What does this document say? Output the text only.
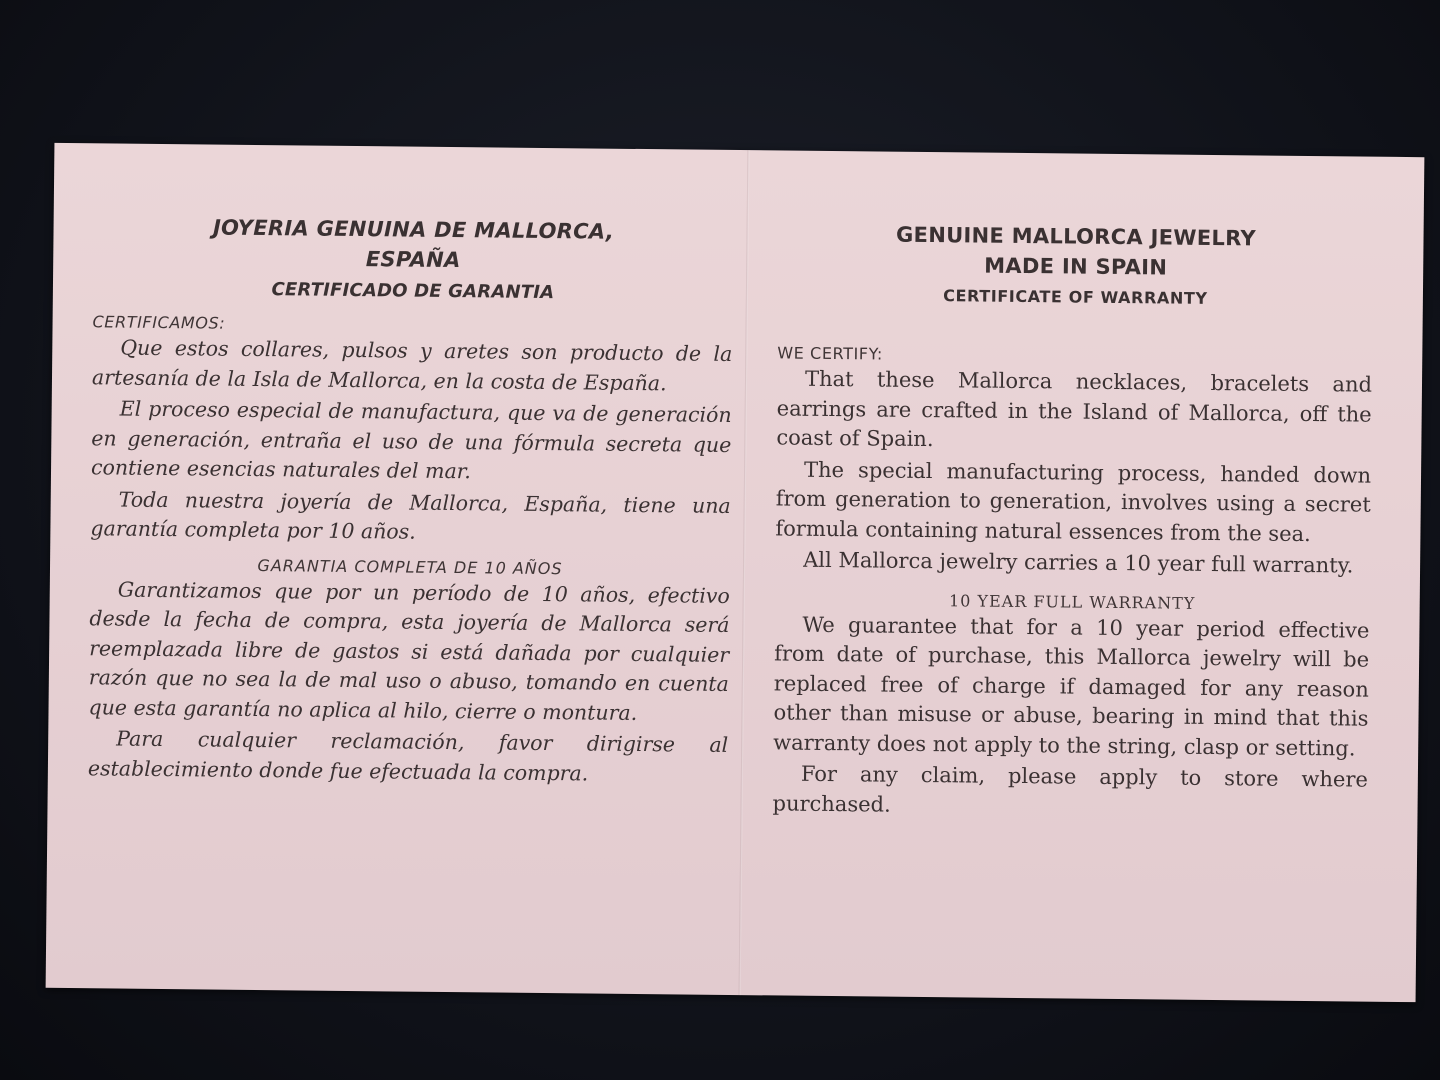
JOYERIA GENUINA DE MALLORCA,
ESPAÑA
CERTIFICADO DE GARANTIA
CERTIFICAMOS:

Que estos collares, pulsos y aretes son producto de la artesanía de la Isla de Mallorca, en la costa de España.

El proceso especial de manufactura, que va de generación en generación, entraña el uso de una fórmula secreta que contiene esencias naturales del mar.

Toda nuestra joyería de Mallorca, España, tiene una garantía completa por 10 años.

GARANTIA COMPLETA DE 10 AÑOS

Garantizamos que por un período de 10 años, efectivo desde la fecha de compra, esta joyería de Mallorca será reemplazada libre de gastos si está dañada por cualquier razón que no sea la de mal uso o abuso, tomando en cuenta que esta garantía no aplica al hilo, cierre o montura.

Para cualquier reclamación, favor dirigirse al establecimiento donde fue efectuada la compra.

GENUINE MALLORCA JEWELRY
MADE IN SPAIN
CERTIFICATE OF WARRANTY
WE CERTIFY:

That these Mallorca necklaces, bracelets and earrings are crafted in the Island of Mallorca, off the coast of Spain.

The special manufacturing process, handed down from generation to generation, involves using a secret formula containing natural essences from the sea.

All Mallorca jewelry carries a 10 year full warranty.

10 YEAR FULL WARRANTY

We guarantee that for a 10 year period effective from date of purchase, this Mallorca jewelry will be replaced free of charge if damaged for any reason other than misuse or abuse, bearing in mind that this warranty does not apply to the string, clasp or setting.

For any claim, please apply to store where purchased.
